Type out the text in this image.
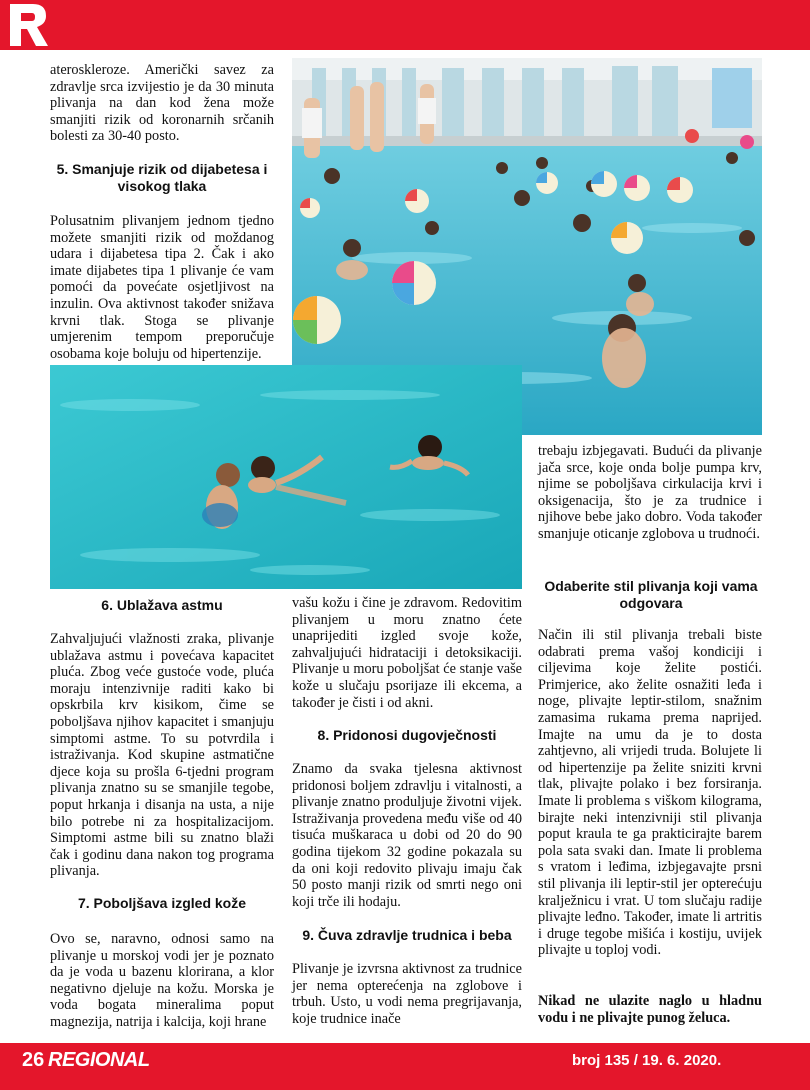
ateroskleroze. Američki savez za zdravlje srca izvijestio je da 30 minuta plivanja na dan kod žena može smanjiti rizik od koronarnih srčanih bolesti za 30-40 posto.

5. Smanjuje rizik od dijabetesa i visokog tlaka

Polusatnim plivanjem jednom tjedno možete smanjiti rizik od moždanog udara i dijabetesa tipa 2. Čak i ako imate dijabetes tipa 1 plivanje će vam pomoći da povećate osjetljivost na inzulin. Ova aktivnost također snižava krvni tlak. Stoga se plivanje umjerenim tempom preporučuje osobama koje boluju od hipertenzije.

6. Ublažava astmu

Zahvaljujući vlažnosti zraka, plivanje ublažava astmu i povećava kapacitet pluća. Zbog veće gustoće vode, pluća moraju intenzivnije raditi kako bi opskrbila krv kisikom, čime se poboljšava njihov kapacitet i smanjuju simptomi astme. To su potvrdila i istraživanja. Kod skupine astmatične djece koja su prošla 6-tjedni program plivanja znatno su se smanjile tegobe, poput hrkanja i disanja na usta, a nije bilo potrebe ni za hospitalizacijom. Simptomi astme bili su znatno blaži čak i godinu dana nakon tog programa plivanja.

7. Poboljšava izgled kože

Ovo se, naravno, odnosi samo na plivanje u morskoj vodi jer je poznato da je voda u bazenu klorirana, a klor negativno djeluje na kožu. Morska je voda bogata mineralima poput magnezija, natrija i kalcija, koji hrane

vašu kožu i čine je zdravom. Redovitim plivanjem u moru znatno ćete unaprijediti izgled svoje kože, zahvaljujući hidrataciji i detoksikaciji. Plivanje u moru poboljšat će stanje vaše kože u slučaju psorijaze ili ekcema, a također je čisti i od akni.

8. Pridonosi dugovječnosti

Znamo da svaka tjelesna aktivnost pridonosi boljem zdravlju i vitalnosti, a plivanje znatno produljuje životni vijek. Istraživanja provedena među više od 40 tisuća muškaraca u dobi od 20 do 90 godina tijekom 32 godine pokazala su da oni koji redovito plivaju imaju čak 50 posto manji rizik od smrti nego oni koji trče ili hodaju.

9. Čuva zdravlje trudnica i beba

Plivanje je izvrsna aktivnost za trudnice jer nema opterećenja na zglobove i trbuh. Usto, u vodi nema pregrijavanja, koje trudnice inače

trebaju izbjegavati. Budući da plivanje jača srce, koje onda bolje pumpa krv, njime se poboljšava cirkulacija krvi i oksigenacija, što je za trudnice i njihove bebe jako dobro. Voda također smanjuje oticanje zglobova u trudnoći.

Odaberite stil plivanja koji vama odgovara

Način ili stil plivanja trebali biste odabrati prema vašoj kondiciji i ciljevima koje želite postići. Primjerice, ako želite osnažiti leđa i noge, plivajte leptir-stilom, snažnim zamasima rukama prema naprijed. Imajte na umu da je to dosta zahtjevno, ali vrijedi truda. Bolujete li od hipertenzije pa želite sniziti krvni tlak, plivajte polako i bez forsiranja. Imate li problema s viškom kilograma, birajte neki intenzivniji stil plivanja poput kraula te ga prakticirajte barem pola sata svaki dan. Imate li problema s vratom i leđima, izbjegavajte prsni stil plivanja ili leptir-stil jer opterećuju kralježnicu i vrat. U tom slučaju radije plivajte leđno. Također, imate li artritis i druge tegobe mišića i kostiju, uvijek plivajte u toploj vodi.

Nikad ne ulazite naglo u hladnu vodu i ne plivajte punog želuca.

26 REGIONAL	broj 135 / 19. 6. 2020.
